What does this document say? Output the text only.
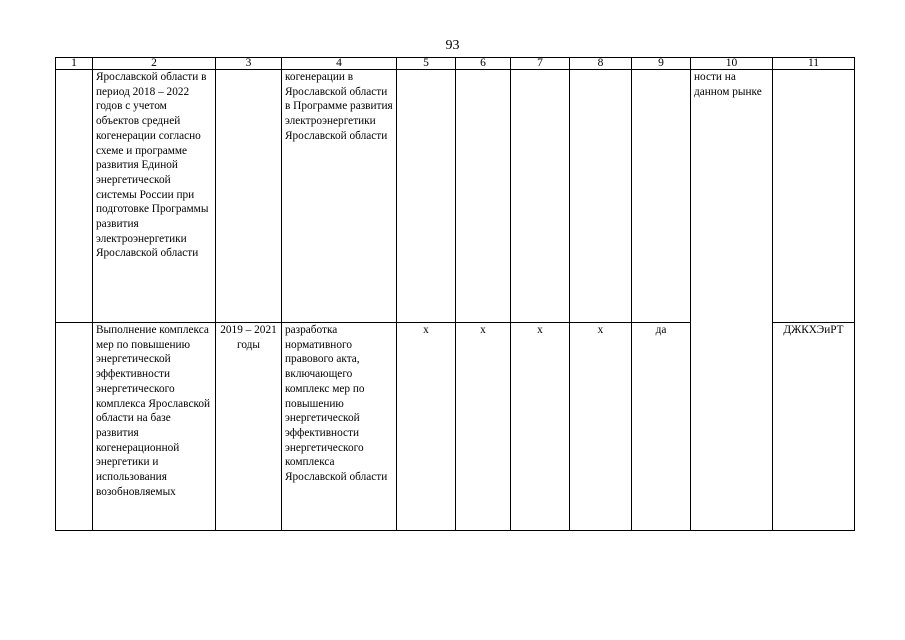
93
1	2	3	4	5	6	7	8	9	10	11
	Ярославской области в период 2018 – 2022 годов с учетом объектов средней когенерации согласно схеме и программе развития Единой энергетической системы России при подготовке Программы развития электроэнергетики Ярославской области		когенерации в Ярославской области в Программе развития электроэнергетики Ярославской области						ности на данном рынке	
	Выполнение комплекса мер по повышению энергетической эффективности энергетического комплекса Ярославской области на базе развития когенерационной энергетики и использования возобновляемых	2019 – 2021 годы	разработка нормативного правового акта, включающего комплекс мер по повышению энергетической эффективности энергетического комплекса Ярославской области	х	х	х	х	да		ДЖКХЭиРТ
